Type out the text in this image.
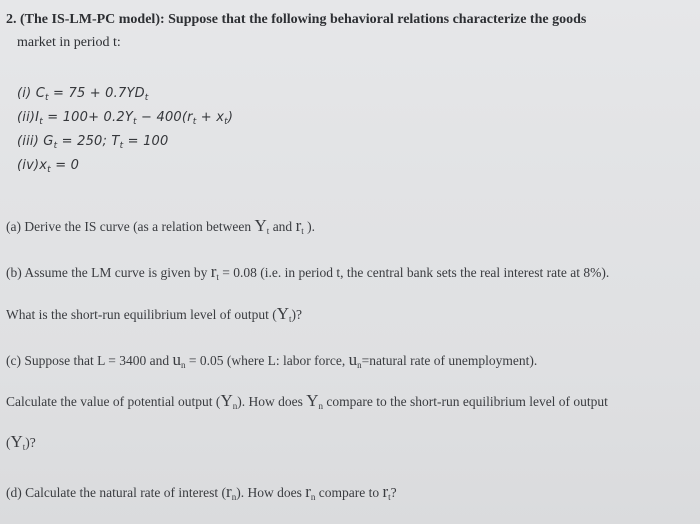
2. (The IS-LM-PC model): Suppose that the following behavioral relations characterize the goods
market in period t:
(i) $C_t = 75 + 0.7YD_t$
$(ii)I_t = 100+ 0.2Y_t - 400(r_t + x_t)$
(iii) $G_t = 250$; $T_t = 100$
$(iv)x_t = 0$
(a) Derive the IS curve (as a relation between $Y_t$ and $r_t$ ).
(b) Assume the LM curve is given by $r_t = 0.08$ (i.e. in period t, the central bank sets the real interest rate at 8%).
What is the short-run equilibrium level of output $(Y_t)$?
(c) Suppose that L = 3400 and $u_n = 0.05$ (where L: labor force, $u_n=natural$ rate of unemployment).
Calculate the value of potential output $(Y_n)$. How does $Y_n$ compare to the short-run equilibrium level of output
$(Y_t)$?
(d) Calculate the natural rate of interest $(r_n)$. How does $r_n$ compare to $r_t$?
